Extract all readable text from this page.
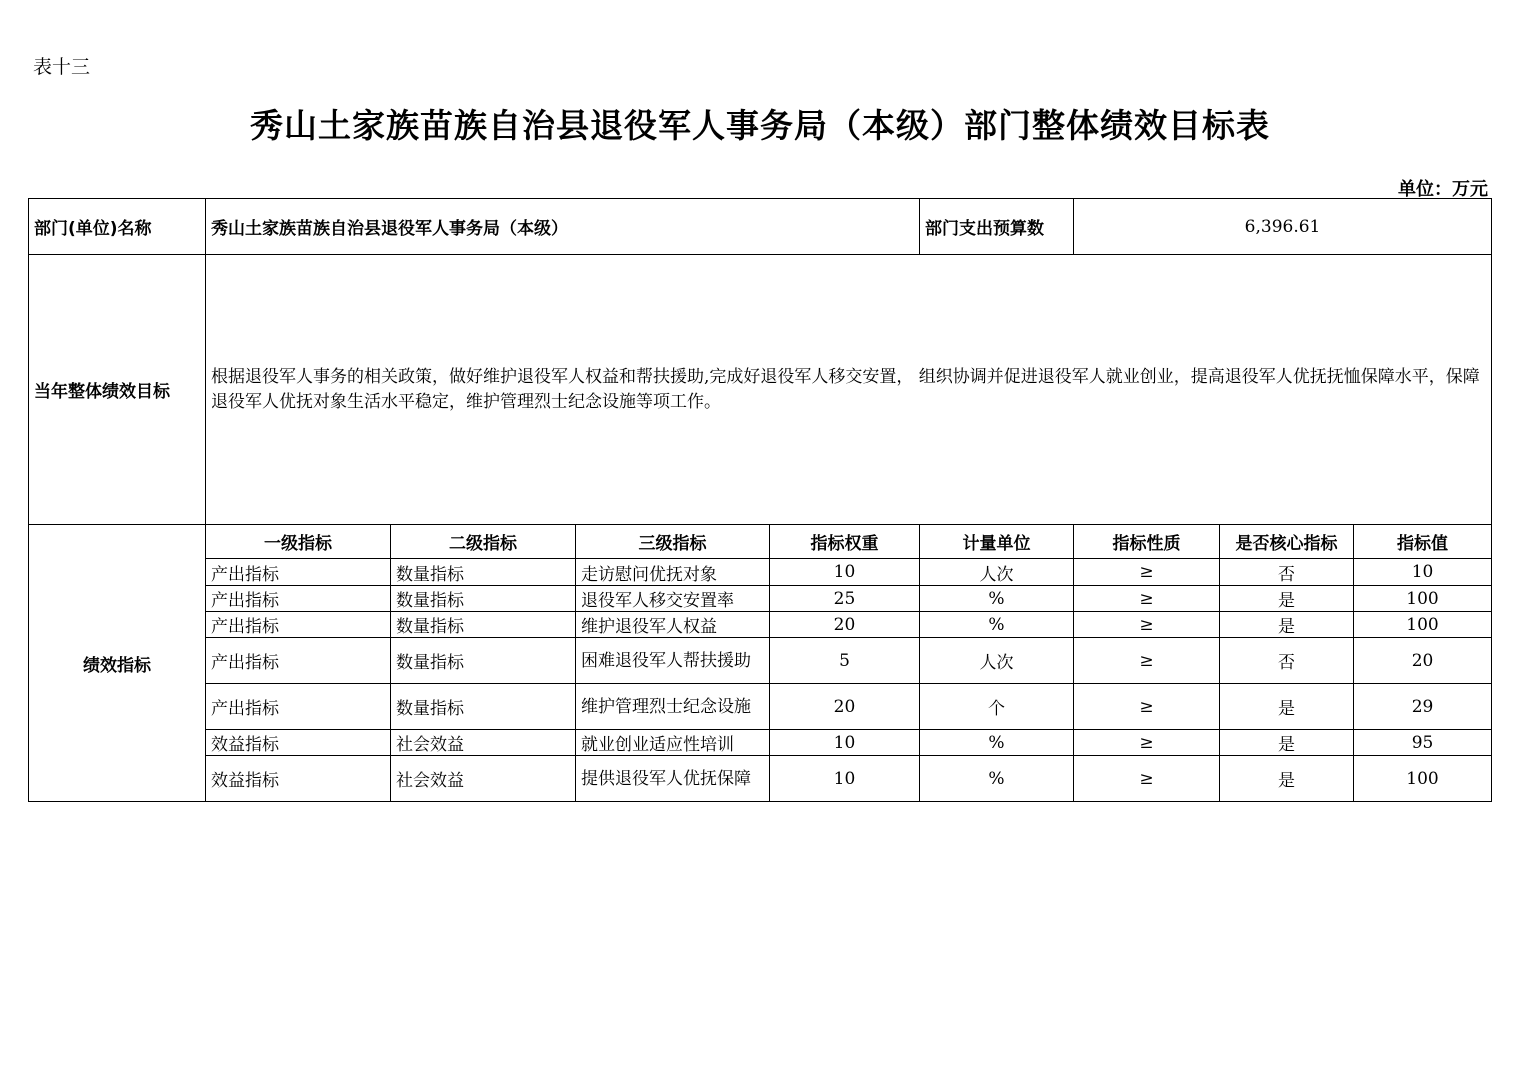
表十三
秀山土家族苗族自治县退役军人事务局（本级）部门整体绩效目标表
单位：万元
部门(单位)名称	秀山土家族苗族自治县退役军人事务局（本级）				部门支出预算数	6,396.61		
当年整体绩效目标	根据退役军人事务的相关政策，做好维护退役军人权益和帮扶援助,完成好退役军人移交安置， 组织协调并促进退役军人就业创业，提高退役军人优抚抚恤保障水平，保障退役军人优抚对象生活水平稳定，维护管理烈士纪念设施等项工作。							
绩效指标	一级指标	二级指标	三级指标	指标权重	计量单位	指标性质	是否核心指标	指标值
	产出指标	数量指标	走访慰问优抚对象	10	人次	≥	否	10
	产出指标	数量指标	退役军人移交安置率	25	%	≥	是	100
	产出指标	数量指标	维护退役军人权益	20	%	≥	是	100
	产出指标	数量指标	困难退役军人帮扶援助	5	人次	≥	否	20
	产出指标	数量指标	维护管理烈士纪念设施	20	个	≥	是	29
	效益指标	社会效益	就业创业适应性培训	10	%	≥	是	95
	效益指标	社会效益	提供退役军人优抚保障	10	%	≥	是	100
